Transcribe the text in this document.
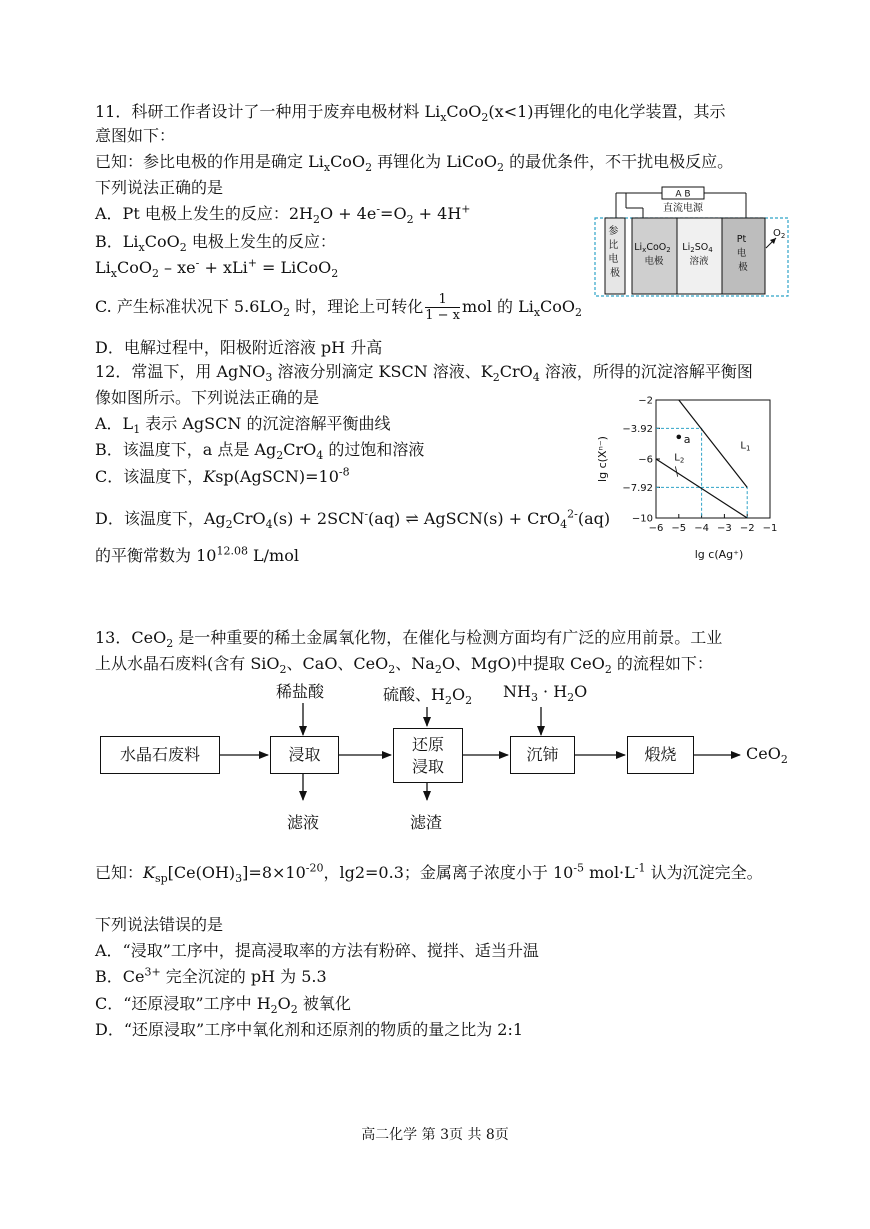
11．科研工作者设计了一种用于废弃电极材料 $Li_xCoO_2(x<1)$再锂化的电化学装置，其示
意图如下：
已知：参比电极的作用是确定 $Li_xCoO_2$ 再锂化为 LiCoO$_2$ 的最优条件，不干扰电极反应。
下列说法正确的是
A．Pt 电极上发生的反应：$2H_2O + 4e^-=O_2 + 4H^+$
B．$Li_xCoO_2$ 电极上发生的反应：
$Li_xCoO_2 - xe^- + xLi^+$ = LiCoO$_2$
C. 产生标准状况下 $5.6LO_2$ 时，理论上可转化 $\frac{1}{1 - x}$ mol 的 $Li_xCoO_2$
D．电解过程中，阳极附近溶液 pH 升高
A B
直流电源
参 比 电 极
$Li_xCoO_2$ 电极
$Li_2SO_4$ 溶液
Pt 电 极
$O_2$
12．常温下，用 AgNO$_3$ 溶液分别滴定 KSCN 溶液、$K_2CrO_4$ 溶液，所得的沉淀溶解平衡图
像如图所示。下列说法正确的是
A．$L_1$ 表示 AgSCN 的沉淀溶解平衡曲线
B．该温度下，a 点是 $Ag_2CrO_4$ 的过饱和溶液
C．该温度下，$Ksp(AgSCN)=10^{-8}$
D．该温度下，$Ag_2CrO_4(s) + 2SCN^-(aq)$ ⇌ AgSCN(s) + CrO$_4^{2-}$(aq)
的平衡常数为 $10^{12.08}$ L/mol
−6 −5 −4 −3 −2 −1
−2
−3.92
−6
−7.92
−10
$L_1$
$L_2$
a
lg c(Xⁿ⁻)
lg c(Ag⁺)
13．CeO$_2$ 是一种重要的稀土金属氧化物，在催化与检测方面均有广泛的应用前景。工业
上从水晶石废料(含有 SiO$_2$、CaO、CeO$_2$、$Na_2O$、MgO)中提取 CeO$_2$ 的流程如下：
水晶石废料	浸取
还原
浸取
沉铈	煅烧	CeO$_2$
稀盐酸	硫酸、$H_2O_2$ $NH_3 \cdot H_2O$
滤液	滤渣
已知：$K_{sp}[Ce(OH)_3]=8\times 10^{-20}$，lg2=0.3；金属离子浓度小于 $10^{-5}$ $mol\cdot L^{-1}$ 认为沉淀完全。
下列说法错误的是
A．“浸取”工序中，提高浸取率的方法有粉碎、搅拌、适当升温
B．$Ce^{3+}$ 完全沉淀的 pH 为 5.3
C．“还原浸取”工序中 $H_2O_2$ 被氧化
D．“还原浸取”工序中氧化剂和还原剂的物质的量之比为 2:1
高二化学 第 3页 共 8页
